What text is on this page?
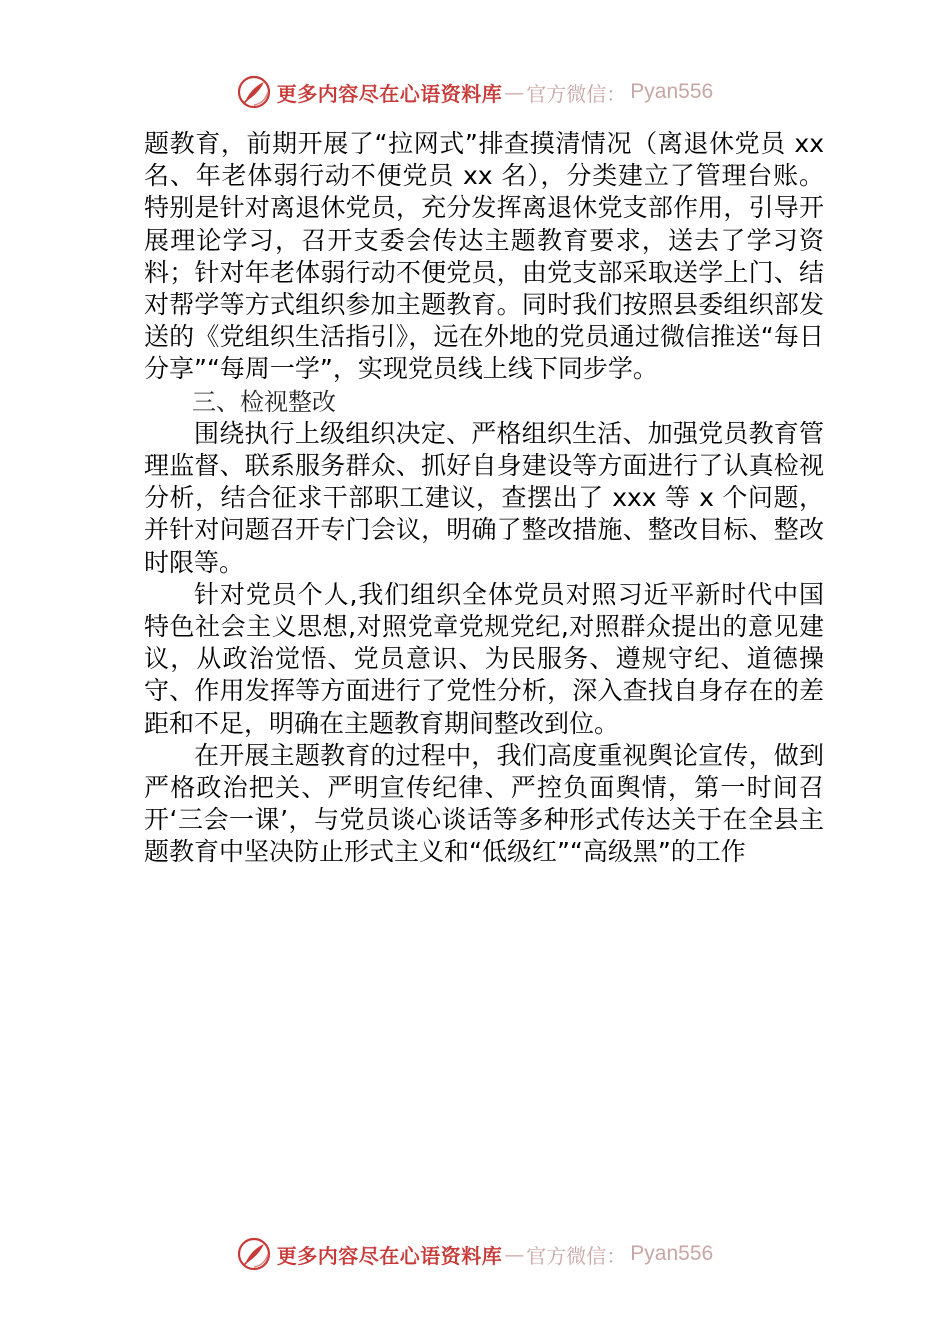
更多内容尽在心语资料库 — 官方微信： Pyan556

题教育，前期开展了“拉网式”排查摸清情况（离退休党员 xx 名、年老体弱行动不便党员 xx 名），分类建立了管理台账。特别是针对离退休党员，充分发挥离退休党支部作用，引导开展理论学习，召开支委会传达主题教育要求，送去了学习资料；针对年老体弱行动不便党员，由党支部采取送学上门、结对帮学等方式组织参加主题教育。同时我们按照县委组织部发送的《党组织生活指引》，远在外地的党员通过微信推送“每日分享”“每周一学”，实现党员线上线下同步学。

三、检视整改

围绕执行上级组织决定、严格组织生活、加强党员教育管理监督、联系服务群众、抓好自身建设等方面进行了认真检视分析，结合征求干部职工建议，查摆出了 xxx 等 x 个问题，并针对问题召开专门会议，明确了整改措施、整改目标、整改时限等。

针对党员个人,我们组织全体党员对照习近平新时代中国特色社会主义思想,对照党章党规党纪,对照群众提出的意见建议，从政治觉悟、党员意识、为民服务、遵规守纪、道德操守、作用发挥等方面进行了党性分析，深入查找自身存在的差距和不足，明确在主题教育期间整改到位。

在开展主题教育的过程中，我们高度重视舆论宣传，做到严格政治把关、严明宣传纪律、严控负面舆情，第一时间召开‘三会一课’，与党员谈心谈话等多种形式传达关于在全县主题教育中坚决防止形式主义和“低级红”“高级黑”的工作

更多内容尽在心语资料库 — 官方微信： Pyan556
